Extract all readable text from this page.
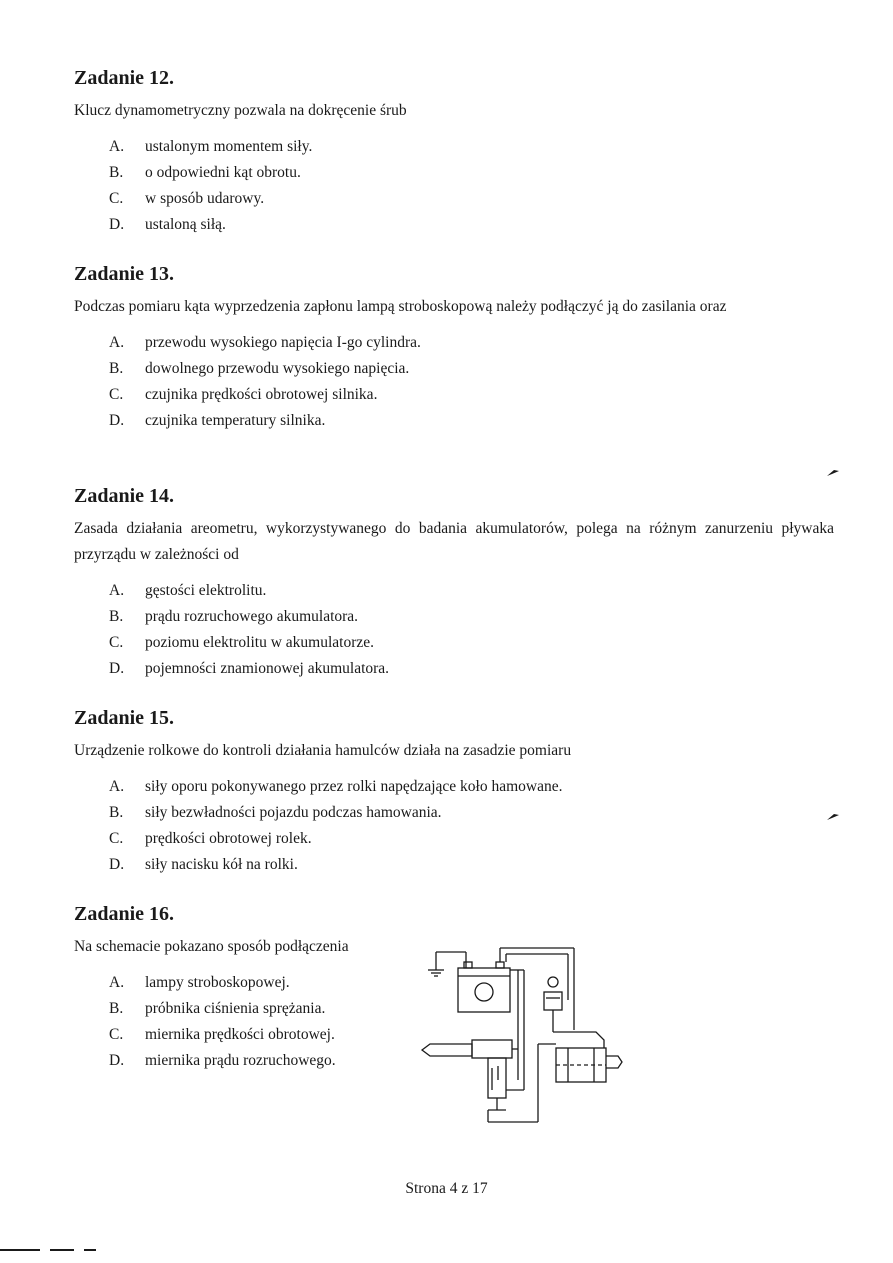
Zadanie 12.

Klucz dynamometryczny pozwala na dokręcenie śrub

A.	ustalonym momentem siły.
B.	o odpowiedni kąt obrotu.
C.	w sposób udarowy.
D.	ustaloną siłą.
Zadanie 13.

Podczas pomiaru kąta wyprzedzenia zapłonu lampą stroboskopową należy podłączyć ją do zasilania oraz

A.	przewodu wysokiego napięcia I-go cylindra.
B.	dowolnego przewodu wysokiego napięcia.
C.	czujnika prędkości obrotowej silnika.
D.	czujnika temperatury silnika.
Zadanie 14.

Zasada działania areometru, wykorzystywanego do badania akumulatorów, polega na różnym zanurzeniu pływaka przyrządu w zależności od

A.	gęstości elektrolitu.
B.	prądu rozruchowego akumulatora.
C.	poziomu elektrolitu w akumulatorze.
D.	pojemności znamionowej akumulatora.
Zadanie 15.

Urządzenie rolkowe do kontroli działania hamulców działa na zasadzie pomiaru

A.	siły oporu pokonywanego przez rolki napędzające koło hamowane.
B.	siły bezwładności pojazdu podczas hamowania.
C.	prędkości obrotowej rolek.
D.	siły nacisku kół na rolki.
Zadanie 16.

Na schemacie pokazano sposób podłączenia

A.	lampy stroboskopowej.
B.	próbnika ciśnienia sprężania.
C.	miernika prędkości obrotowej.
D.	miernika prądu rozruchowego.
Strona 4 z 17
